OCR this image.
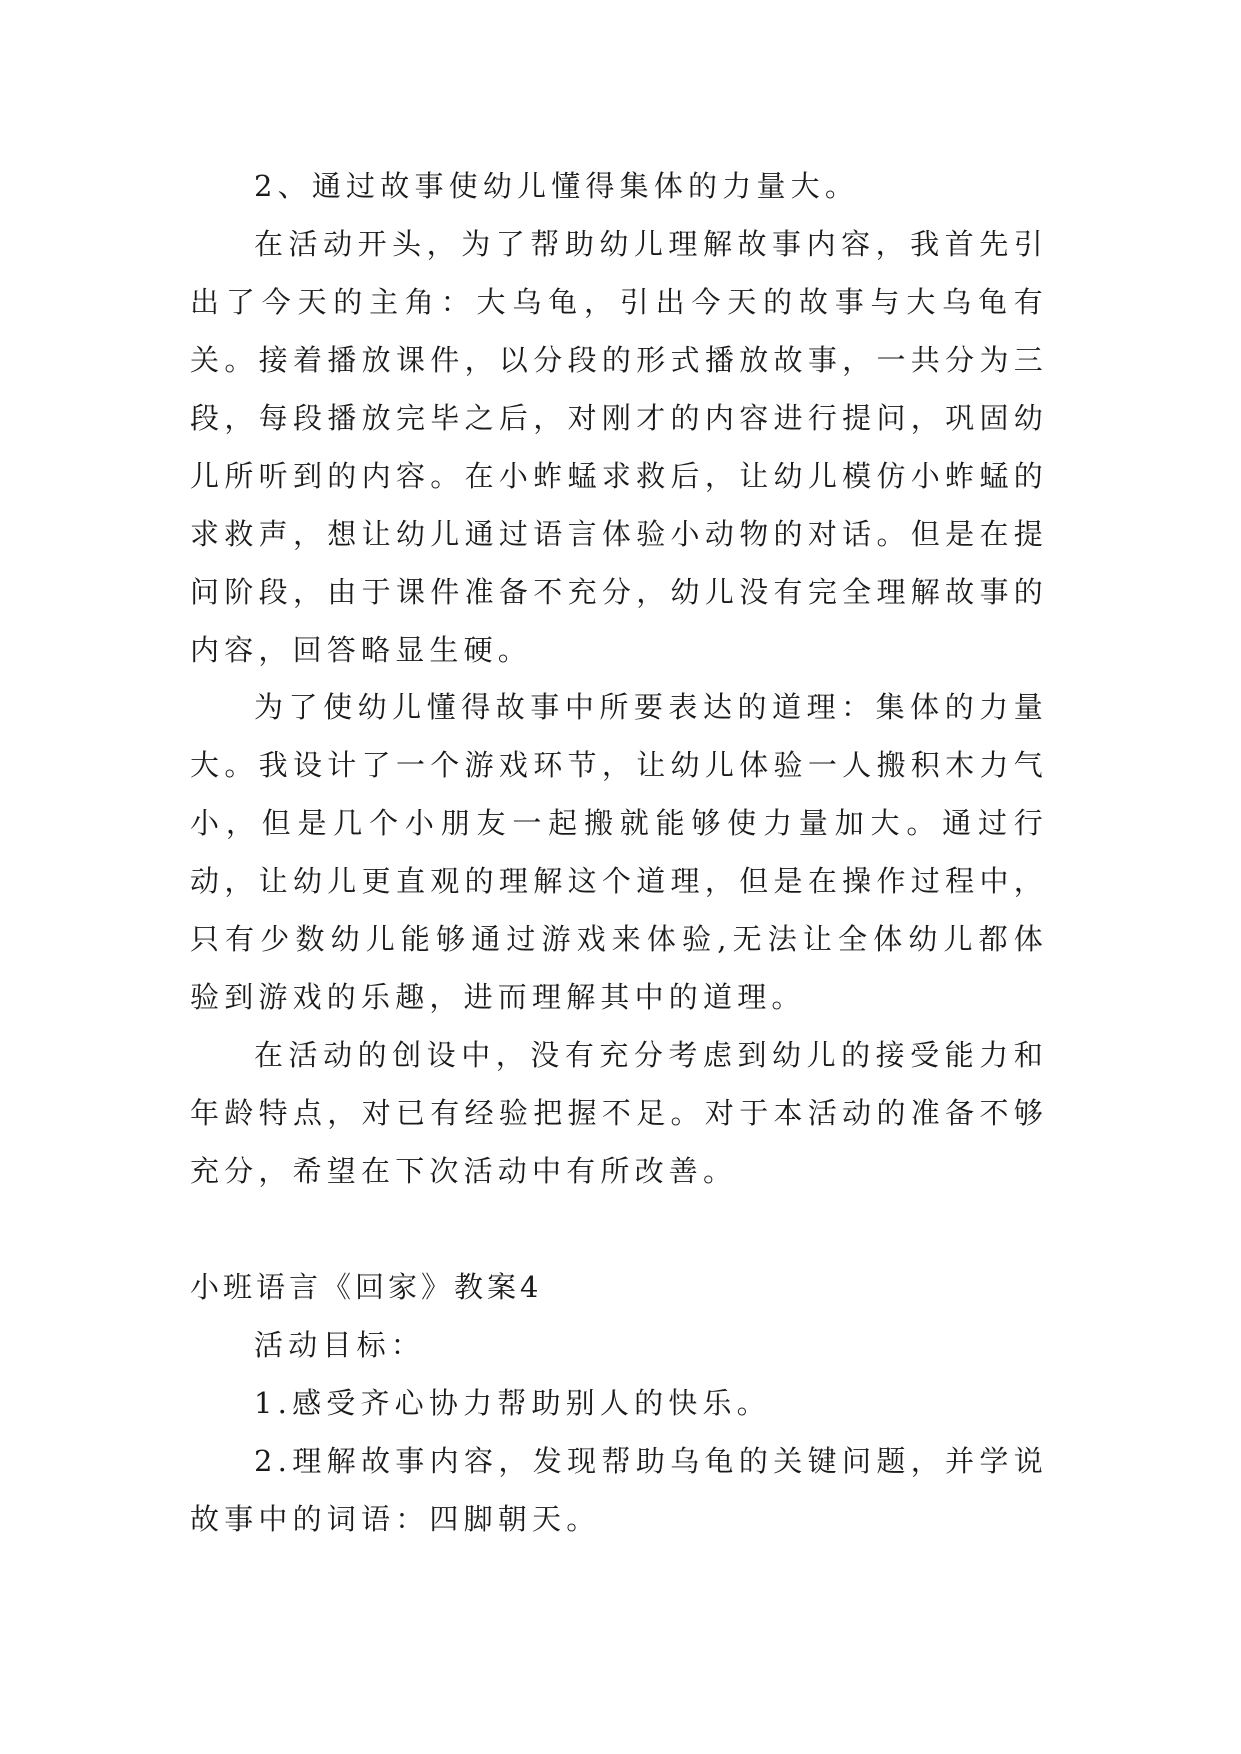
2、通过故事使幼儿懂得集体的力量大。

在活动开头，为了帮助幼儿理解故事内容，我首先引出了今天的主角：大乌龟，引出今天的故事与大乌龟有关。接着播放课件，以分段的形式播放故事，一共分为三段，每段播放完毕之后，对刚才的内容进行提问，巩固幼儿所听到的内容。在小蚱蜢求救后，让幼儿模仿小蚱蜢的求救声，想让幼儿通过语言体验小动物的对话。但是在提问阶段，由于课件准备不充分，幼儿没有完全理解故事的内容，回答略显生硬。

为了使幼儿懂得故事中所要表达的道理：集体的力量大。我设计了一个游戏环节，让幼儿体验一人搬积木力气小，但是几个小朋友一起搬就能够使力量加大。通过行动，让幼儿更直观的理解这个道理，但是在操作过程中，只有少数幼儿能够通过游戏来体验,无法让全体幼儿都体验到游戏的乐趣，进而理解其中的道理。

在活动的创设中，没有充分考虑到幼儿的接受能力和年龄特点，对已有经验把握不足。对于本活动的准备不够充分，希望在下次活动中有所改善。

小班语言《回家》教案4

活动目标：

1.感受齐心协力帮助别人的快乐。

2.理解故事内容，发现帮助乌龟的关键问题，并学说故事中的词语：四脚朝天。
